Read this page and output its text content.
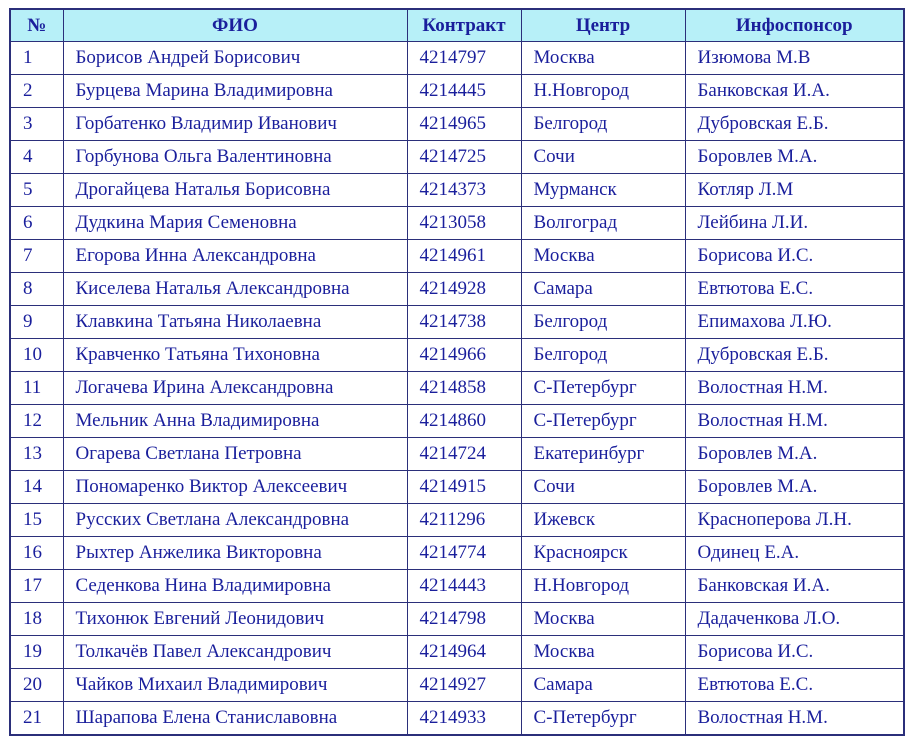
№	ФИО	Контракт	Центр	Инфоспонсор
1	Борисов Андрей Борисович	4214797	Москва	Изюмова М.В
2	Бурцева Марина Владимировна	4214445	Н.Новгород	Банковская И.А.
3	Горбатенко Владимир Иванович	4214965	Белгород	Дубровская Е.Б.
4	Горбунова Ольга Валентиновна	4214725	Сочи	Боровлев М.А.
5	Дрогайцева Наталья Борисовна	4214373	Мурманск	Котляр Л.М
6	Дудкина Мария Семеновна	4213058	Волгоград	Лейбина Л.И.
7	Егорова Инна Александровна	4214961	Москва	Борисова И.С.
8	Киселева Наталья Александровна	4214928	Самара	Евтютова Е.С.
9	Клавкина Татьяна Николаевна	4214738	Белгород	Епимахова Л.Ю.
10	Кравченко Татьяна Тихоновна	4214966	Белгород	Дубровская Е.Б.
11	Логачева Ирина Александровна	4214858	С-Петербург	Волостная Н.М.
12	Мельник Анна Владимировна	4214860	С-Петербург	Волостная Н.М.
13	Огарева Светлана Петровна	4214724	Екатеринбург	Боровлев М.А.
14	Пономаренко Виктор Алексеевич	4214915	Сочи	Боровлев М.А.
15	Русских Светлана Александровна	4211296	Ижевск	Красноперова Л.Н.
16	Рыхтер Анжелика Викторовна	4214774	Красноярск	Одинец Е.А.
17	Седенкова Нина Владимировна	4214443	Н.Новгород	Банковская И.А.
18	Тихонюк Евгений Леонидович	4214798	Москва	Дадаченкова Л.О.
19	Толкачёв Павел Александрович	4214964	Москва	Борисова И.С.
20	Чайков Михаил Владимирович	4214927	Самара	Евтютова Е.С.
21	Шарапова Елена Станиславовна	4214933	С-Петербург	Волостная Н.М.
